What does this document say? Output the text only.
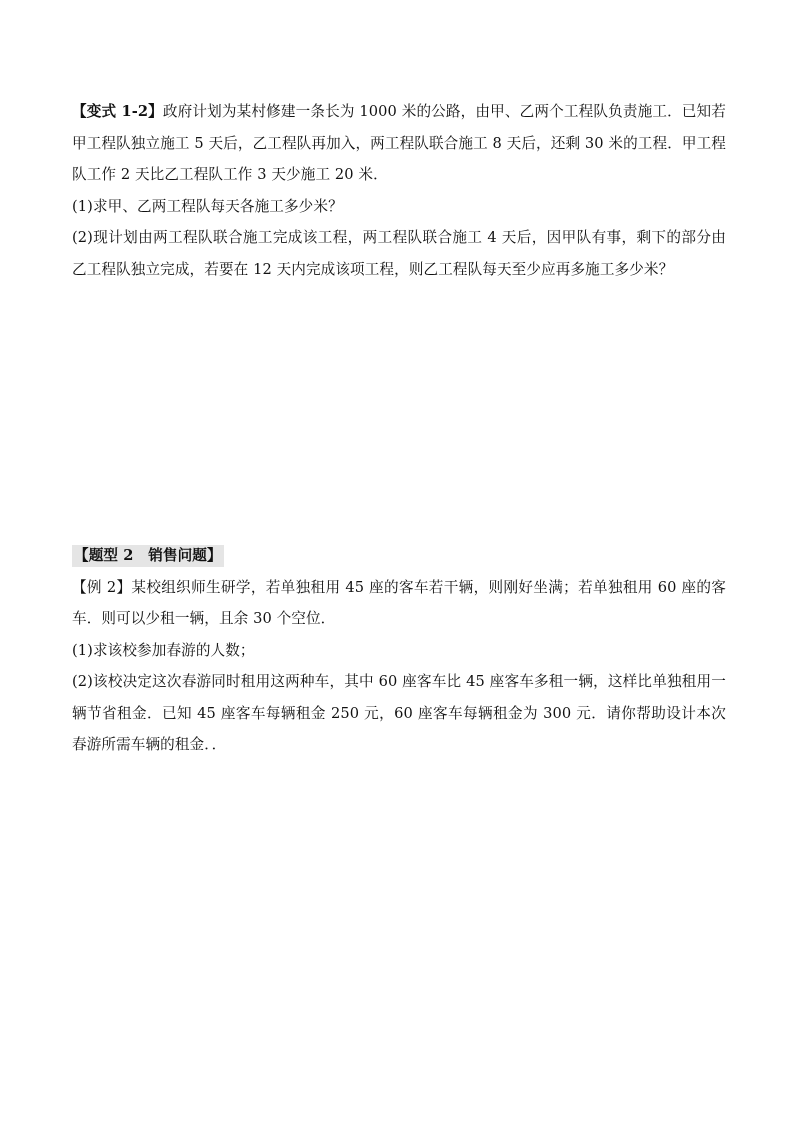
【变式 1-2】政府计划为某村修建一条长为 1000 米的公路，由甲、乙两个工程队负责施工．已知若甲工程队独立施工 5 天后，乙工程队再加入，两工程队联合施工 8 天后，还剩 30 米的工程．甲工程队工作 2 天比乙工程队工作 3 天少施工 20 米．

(1)求甲、乙两工程队每天各施工多少米？

(2)现计划由两工程队联合施工完成该工程，两工程队联合施工 4 天后，因甲队有事，剩下的部分由乙工程队独立完成，若要在 12 天内完成该项工程，则乙工程队每天至少应再多施工多少米？

【题型 2　销售问题】

【例 2】某校组织师生研学，若单独租用 45 座的客车若干辆，则刚好坐满；若单独租用 60 座的客车．则可以少租一辆，且余 30 个空位．

(1)求该校参加春游的人数；

(2)该校决定这次春游同时租用这两种车，其中 60 座客车比 45 座客车多租一辆，这样比单独租用一辆节省租金．已知 45 座客车每辆租金 250 元，60 座客车每辆租金为 300 元．请你帮助设计本次春游所需车辆的租金．．
